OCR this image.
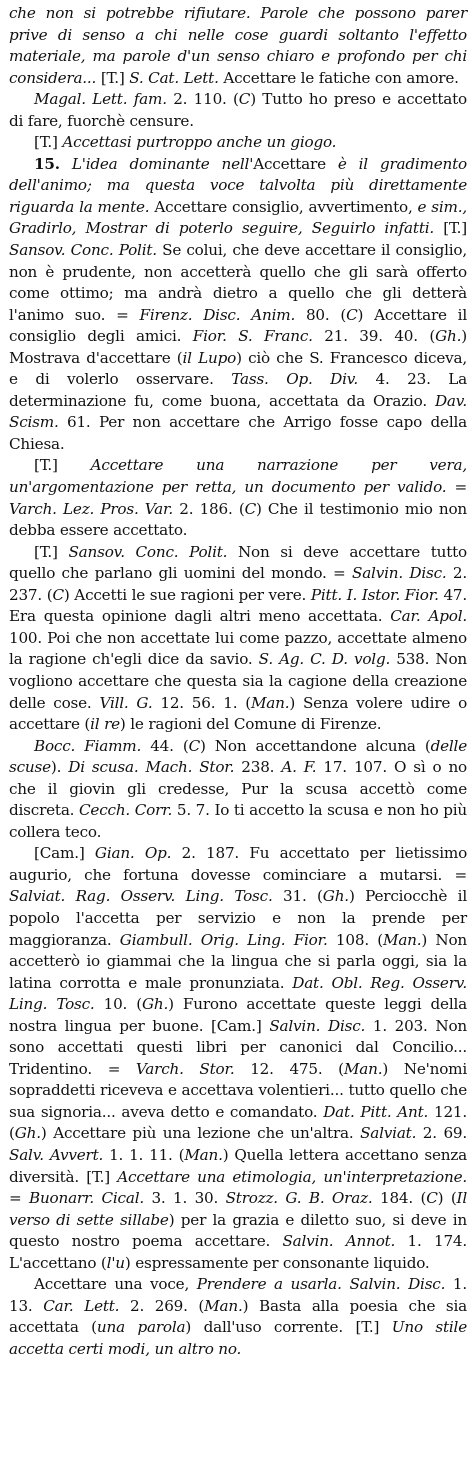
che non si potrebbe rifiutare. Parole che possono parer prive di senso a chi nelle cose guardi soltanto l'effetto materiale, ma parole d'un senso chiaro e profondo per chi considera... [T.] S. Cat. Lett. Accettare le fatiche con amore.

Magal. Lett. fam. 2. 110. (C) Tutto ho preso e accettato di fare, fuorchè censure.

[T.] Accettasi purtroppo anche un giogo.

15. L'idea dominante nell'Accettare è il gradimento dell'animo; ma questa voce talvolta più direttamente riguarda la mente. Accettare consiglio, avvertimento, e sim., Gradirlo, Mostrar di poterlo seguire, Seguirlo infatti. [T.] Sansov. Conc. Polit. Se colui, che deve accettare il consiglio, non è prudente, non accetterà quello che gli sarà offerto come ottimo; ma andrà dietro a quello che gli detterà l'animo suo. = Firenz. Disc. Anim. 80. (C) Accettare il consiglio degli amici. Fior. S. Franc. 21. 39. 40. (Gh.) Mostrava d'accettare (il Lupo) ciò che S. Francesco diceva, e di volerlo osservare. Tass. Op. Div. 4. 23. La determinazione fu, come buona, accettata da Orazio. Dav. Scism. 61. Per non accettare che Arrigo fosse capo della Chiesa.

[T.] Accettare una narrazione per vera, un'argomentazione per retta, un documento per valido. = Varch. Lez. Pros. Var. 2. 186. (C) Che il testimonio mio non debba essere accettato.

[T.] Sansov. Conc. Polit. Non si deve accettare tutto quello che parlano gli uomini del mondo. = Salvin. Disc. 2. 237. (C) Accetti le sue ragioni per vere. Pitt. I. Istor. Fior. 47. Era questa opinione dagli altri meno accettata. Car. Apol. 100. Poi che non accettate lui come pazzo, accettate almeno la ragione ch'egli dice da savio. S. Ag. C. D. volg. 538. Non vogliono accettare che questa sia la cagione della creazione delle cose. Vill. G. 12. 56. 1. (Man.) Senza volere udire o accettare (il re) le ragioni del Comune di Firenze.

Bocc. Fiamm. 44. (C) Non accettandone alcuna (delle scuse). Di scusa. Mach. Stor. 238. A. F. 17. 107. O sì o no che il giovin gli credesse, Pur la scusa accettò come discreta. Cecch. Corr. 5. 7. Io ti accetto la scusa e non ho più collera teco.

[Cam.] Gian. Op. 2. 187. Fu accettato per lietissimo augurio, che fortuna dovesse cominciare a mutarsi. = Salviat. Rag. Osserv. Ling. Tosc. 31. (Gh.) Perciocchè il popolo l'accetta per servizio e non la prende per maggioranza. Giambull. Orig. Ling. Fior. 108. (Man.) Non accetterò io giammai che la lingua che si parla oggi, sia la latina corrotta e male pronunziata. Dat. Obl. Reg. Osserv. Ling. Tosc. 10. (Gh.) Furono accettate queste leggi della nostra lingua per buone. [Cam.] Salvin. Disc. 1. 203. Non sono accettati questi libri per canonici dal Concilio... Tridentino. = Varch. Stor. 12. 475. (Man.) Ne'nomi sopraddetti riceveva e accettava volentieri... tutto quello che sua signoria... aveva detto e comandato. Dat. Pitt. Ant. 121. (Gh.) Accettare più una lezione che un'altra. Salviat. 2. 69. Salv. Avvert. 1. 1. 11. (Man.) Quella lettera accettano senza diversità. [T.] Accettare una etimologia, un'interpretazione. = Buonarr. Cical. 3. 1. 30. Strozz. G. B. Oraz. 184. (C) (Il verso di sette sillabe) per la grazia e diletto suo, si deve in questo nostro poema accettare. Salvin. Annot. 1. 174. L'accettano (l'u) espressamente per consonante liquido.

Accettare una voce, Prendere a usarla. Salvin. Disc. 1. 13. Car. Lett. 2. 269. (Man.) Basta alla poesia che sia accettata (una parola) dall'uso corrente. [T.] Uno stile accetta certi modi, un altro no.
